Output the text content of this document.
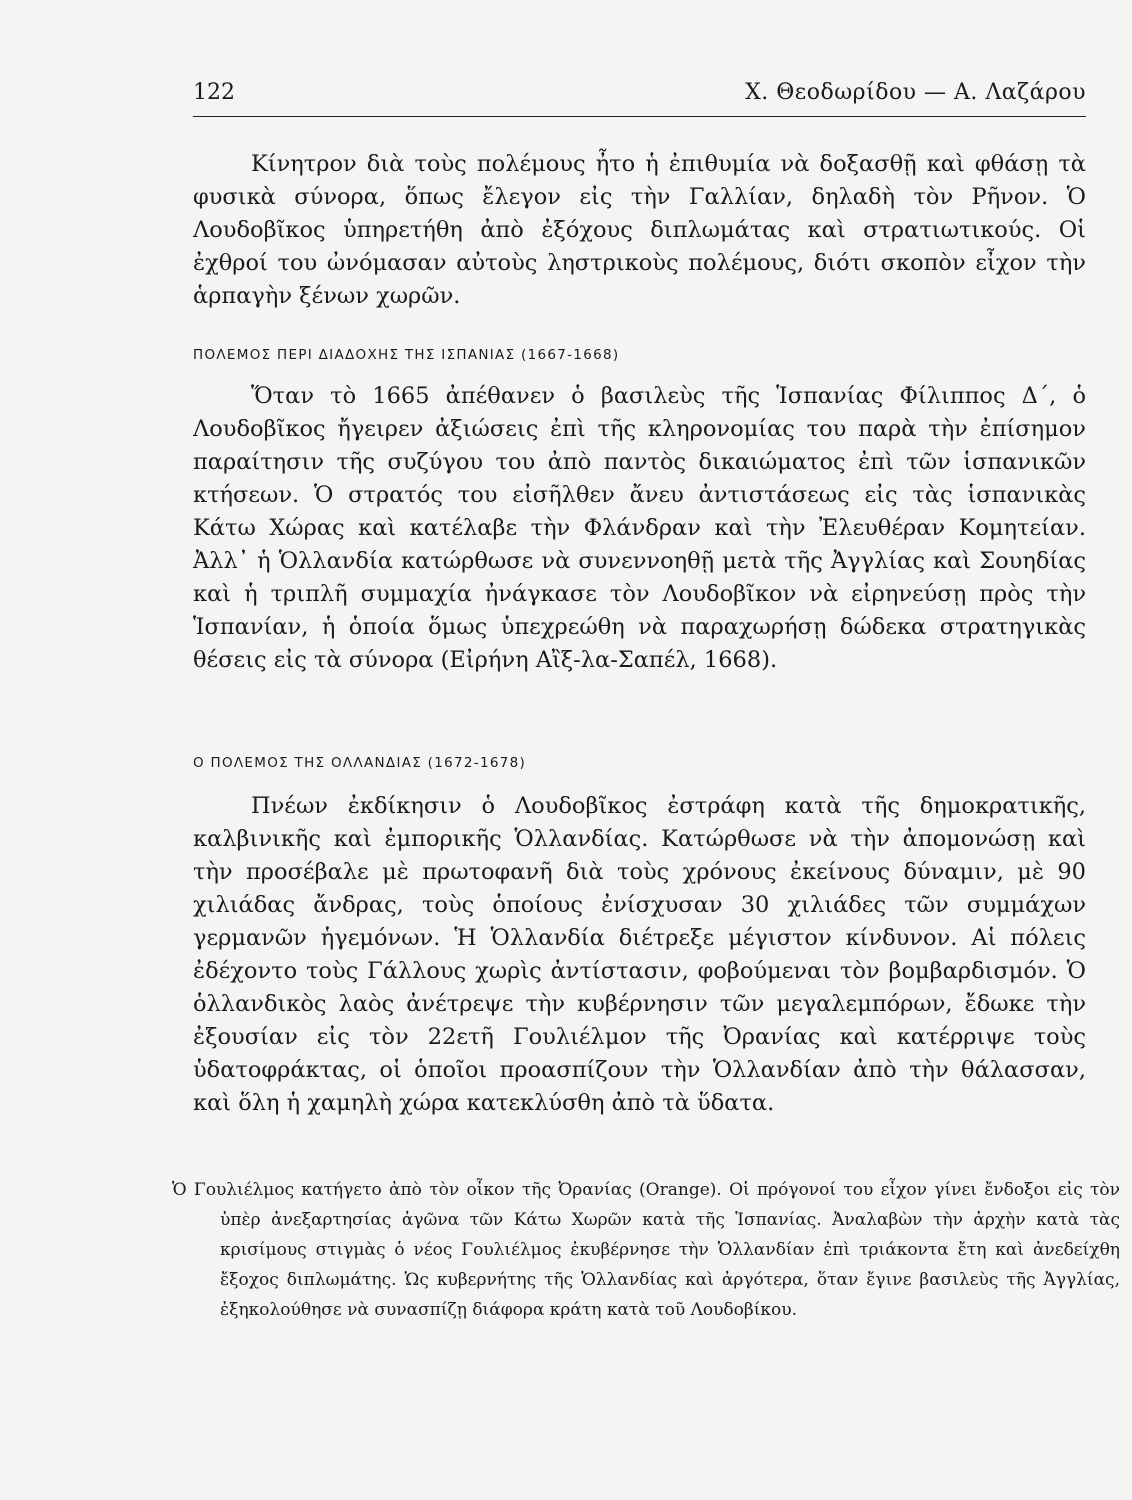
122	Χ. Θεοδωρίδου — Α. Λαζάρου

Κίνητρον διὰ τοὺς πολέμους ἦτο ἡ ἐπιθυμία νὰ δοξασθῇ καὶ φθάσῃ τὰ φυσικὰ σύνορα, ὅπως ἔλεγον εἰς τὴν Γαλλίαν, δηλαδὴ τὸν Ρῆνον. Ὁ Λουδοβῖκος ὑπηρετήθη ἀπὸ ἐξόχους διπλωμάτας καὶ στρατιωτικούς. Οἱ ἐχθροί του ὠνόμασαν αὐτοὺς ληστρικοὺς πολέμους, διότι σκοπὸν εἶχον τὴν ἁρπαγὴν ξένων χωρῶν.

ΠΟΛΕΜΟΣ ΠΕΡΙ ΔΙΑΔΟΧΗΣ ΤΗΣ ΙΣΠΑΝΙΑΣ (1667-1668)

Ὅταν τὸ 1665 ἀπέθανεν ὁ βασιλεὺς τῆς Ἱσπανίας Φίλιππος Δ΄, ὁ Λουδοβῖκος ἤγειρεν ἀξιώσεις ἐπὶ τῆς κληρονομίας του παρὰ τὴν ἐπίσημον παραίτησιν τῆς συζύγου του ἀπὸ παντὸς δικαιώματος ἐπὶ τῶν ἱσπανικῶν κτήσεων. Ὁ στρατός του εἰσῆλθεν ἄνευ ἀντιστάσεως εἰς τὰς ἱσπανικὰς Κάτω Χώρας καὶ κατέλαβε τὴν Φλάνδραν καὶ τὴν Ἐλευθέραν Κομητείαν. Ἀλλ᾽ ἡ Ὁλλανδία κατώρθωσε νὰ συνεννοηθῇ μετὰ τῆς Ἀγγλίας καὶ Σουηδίας καὶ ἡ τριπλῆ συμμαχία ἠνάγκασε τὸν Λουδοβῖκον νὰ εἰρηνεύσῃ πρὸς τὴν Ἱσπανίαν, ἡ ὁποία ὅμως ὑπεχρεώθη νὰ παραχωρήσῃ δώδεκα στρατηγικὰς θέσεις εἰς τὰ σύνορα (Εἰρήνη Αἲξ-λα-Σαπέλ, 1668).

Ο ΠΟΛΕΜΟΣ ΤΗΣ ΟΛΛΑΝΔΙΑΣ (1672-1678)

Πνέων ἐκδίκησιν ὁ Λουδοβῖκος ἐστράφη κατὰ τῆς δημοκρατικῆς, καλβινικῆς καὶ ἐμπορικῆς Ὁλλανδίας. Κατώρθωσε νὰ τὴν ἀπομονώσῃ καὶ τὴν προσέβαλε μὲ πρωτοφανῆ διὰ τοὺς χρόνους ἐκείνους δύναμιν, μὲ 90 χιλιάδας ἄνδρας, τοὺς ὁποίους ἐνίσχυσαν 30 χιλιάδες τῶν συμμάχων γερμανῶν ἡγεμόνων. Ἡ Ὁλλανδία διέτρεξε μέγιστον κίνδυνον. Αἱ πόλεις ἐδέχοντο τοὺς Γάλλους χωρὶς ἀντίστασιν, φοβούμεναι τὸν βομβαρδισμόν. Ὁ ὁλλανδικὸς λαὸς ἀνέτρεψε τὴν κυβέρνησιν τῶν μεγαλεμπόρων, ἔδωκε τὴν ἐξουσίαν εἰς τὸν 22ετῆ Γουλιέλμον τῆς Ὀρανίας καὶ κατέρριψε τοὺς ὑδατοφράκτας, οἱ ὁποῖοι προασπίζουν τὴν Ὁλλανδίαν ἀπὸ τὴν θάλασσαν, καὶ ὅλη ἡ χαμηλὴ χώρα κατεκλύσθη ἀπὸ τὰ ὕδατα.

Ὁ Γουλιέλμος κατήγετο ἀπὸ τὸν οἶκον τῆς Ὀρανίας (Orange). Οἱ πρόγονοί του εἶχον γίνει ἔνδοξοι εἰς τὸν ὑπὲρ ἀνεξαρτησίας ἀγῶνα τῶν Κάτω Χωρῶν κατὰ τῆς Ἱσπανίας. Ἀναλαβὼν τὴν ἀρχὴν κατὰ τὰς κρισίμους στιγμὰς ὁ νέος Γουλιέλμος ἐκυβέρνησε τὴν Ὁλλανδίαν ἐπὶ τριάκοντα ἔτη καὶ ἀνεδείχθη ἔξοχος διπλωμάτης. Ὡς κυβερνήτης τῆς Ὁλλανδίας καὶ ἀργότερα, ὅταν ἔγινε βασιλεὺς τῆς Ἀγγλίας, ἐξηκολούθησε νὰ συνασπίζῃ διάφορα κράτη κατὰ τοῦ Λουδοβίκου.
